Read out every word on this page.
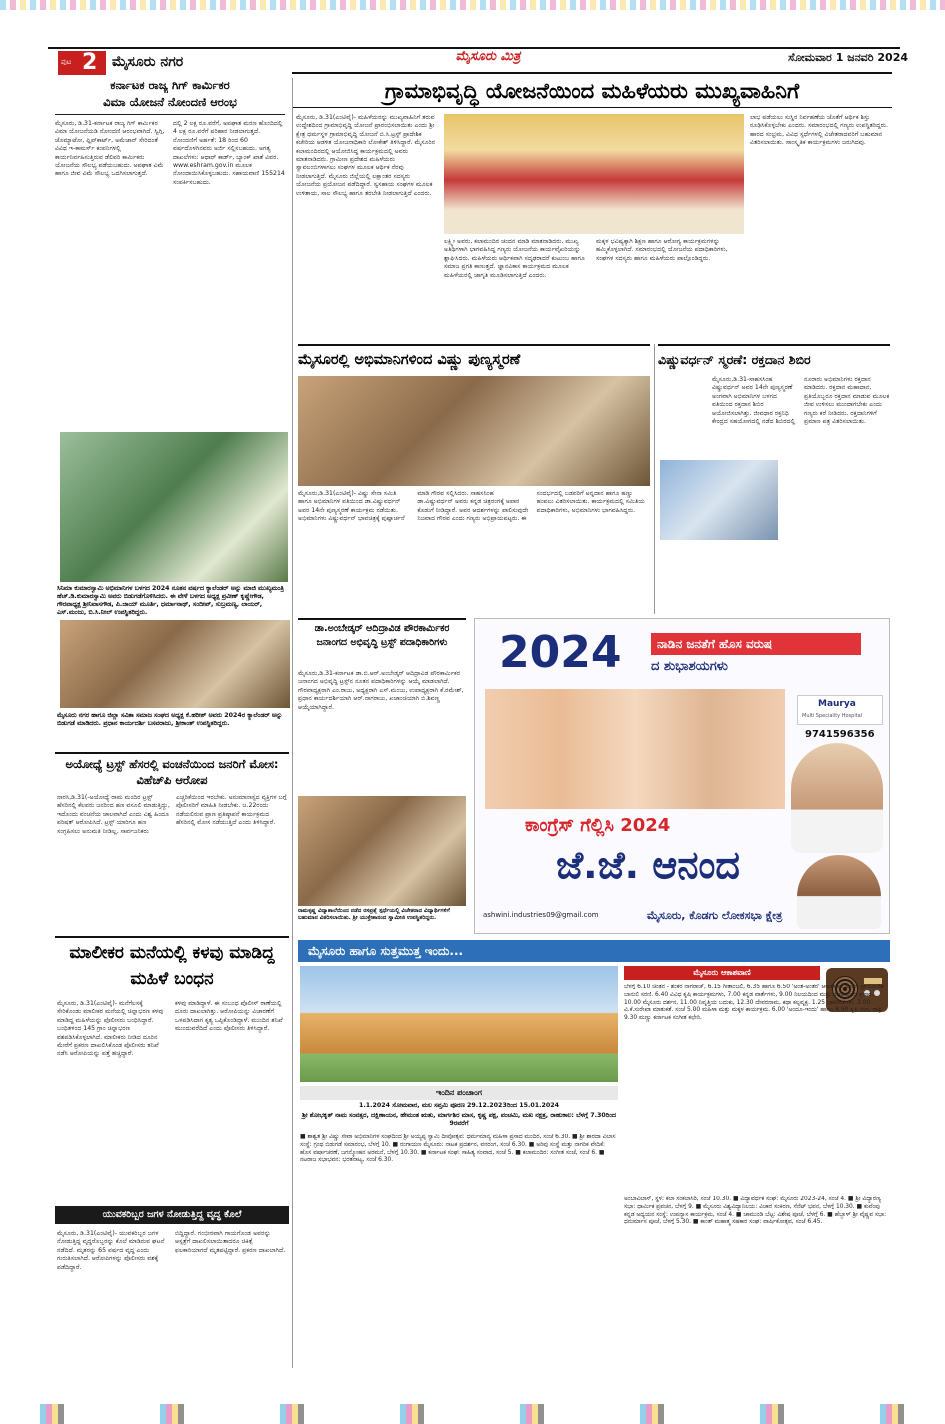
ಪುಟ 2 ಮೈಸೂರು ನಗರ	ಮೈಸೂರು ಮಿತ್ರ	ಸೋಮವಾರ 1 ಜನವರಿ 2024
ಕರ್ನಾಟಕ ರಾಜ್ಯ ಗಿಗ್ ಕಾರ್ಮಿಕರ
ವಿಮಾ ಯೋಜನೆ ನೋಂದಣಿ ಆರಂಭ
ಮೈಸೂರು, ಡಿ.31-ಕರ್ನಾಟಕ ರಾಜ್ಯ ಗಿಗ್ ಕಾರ್ಮಿಕರ ವಿಮಾ ಯೋಜನೆಯಡಿ ನೋಂದಣಿ ಆರಂಭವಾಗಿದೆ. ಸ್ವಿಗ್ಗಿ, ಜೊಮ್ಯಾಟೋ, ಫ್ಲಿಪ್‌ಕಾರ್ಟ್, ಅಮೆಜಾನ್ ಸೇರಿದಂತೆ ವಿವಿಧ ಇ-ಕಾಮರ್ಸ್ ಕಂಪನಿಗಳಲ್ಲಿ ಕಾರ್ಯನಿರ್ವಹಿಸುತ್ತಿರುವ ಡೆಲಿವರಿ ಕಾರ್ಮಿಕರು ಯೋಜನೆಯ ಸೌಲಭ್ಯ ಪಡೆಯಬಹುದು. ಅಪಘಾತ ವಿಮೆ ಹಾಗೂ ಜೀವ ವಿಮೆ ಸೌಲಭ್ಯ ಒದಗಿಸಲಾಗುತ್ತದೆ.
ದಲ್ಲಿ 2 ಲಕ್ಷ ರೂ.ವರೆಗೆ, ಅಪಘಾತ ಮರಣ ಹೊಂದಿದಲ್ಲಿ 4 ಲಕ್ಷ ರೂ.ವರೆಗೆ ಪರಿಹಾರ ನೀಡಲಾಗುತ್ತದೆ. ನೋಂದಣಿಗೆ ಅರ್ಹತೆ: 18 ರಿಂದ 60 ವರ್ಷದೊಳಗಿನವರು ಅರ್ಜಿ ಸಲ್ಲಿಸಬಹುದು. ಅಗತ್ಯ ದಾಖಲೆಗಳು: ಆಧಾರ್ ಕಾರ್ಡ್, ಬ್ಯಾಂಕ್ ಖಾತೆ ವಿವರ. www.eshram.gov.in ಮೂಲಕ ನೋಂದಾಯಿಸಿಕೊಳ್ಳಬಹುದು. ಸಹಾಯವಾಣಿ 155214 ಸಂಪರ್ಕಿಸಬಹುದು.
ಸಿನಿಮಾ ಕುಮಾರಸ್ವಾಮಿ ಅಭಿಮಾನಿಗಳ ಬಳಗದ 2024 ನೂತನ ವರ್ಷದ ಕ್ಯಾಲೆಂಡರ್ ಅನ್ನು ಮಾಜಿ ಮುಖ್ಯಮಂತ್ರಿ ಹೆಚ್.ಡಿ.ಕುಮಾರಸ್ವಾಮಿ ಅವರು ಬಿಡುಗಡೆಗೊಳಿಸಿದರು. ಈ ವೇಳೆ ಬಳಗದ ಅಧ್ಯಕ್ಷ ಪ್ರವೀಣ್ ಕೃಷ್ಣೇಗೌಡ, ಗೌರವಾಧ್ಯಕ್ಷ ಶ್ರೀನಿವಾಸಗೌಡ, ಪಿ.ಜಾಯ್ ಮೂರ್ತಿ, ಧರ್ಮಾನಾಥ್, ಸಂದೀಪ್, ಸುಬ್ರಮಣ್ಯ, ಲಾಯರ್, ಎಸ್.ಮಂಜು, ಬಿ.ಸಿ.ನೀಲ್ ಉಪಸ್ಥಿತರಿದ್ದರು.
ಗ್ರಾಮಾಭಿವೃದ್ಧಿ ಯೋಜನೆಯಿಂದ ಮಹಿಳೆಯರು ಮುಖ್ಯವಾಹಿನಿಗೆ
ಮೈಸೂರು, ಡಿ.31(ಎಂಟಿವೈ)- ಮಹಿಳೆಯರನ್ನು ಮುಖ್ಯವಾಹಿನಿಗೆ ತರುವ ಉದ್ದೇಶದಿಂದ ಗ್ರಾಮಾಭಿವೃದ್ಧಿ ಯೋಜನೆ ಪ್ರಾರಂಭಿಸಲಾಯಿತು ಎಂದು ಶ್ರೀ ಕ್ಷೇತ್ರ ಧರ್ಮಸ್ಥಳ ಗ್ರಾಮಾಭಿವೃದ್ಧಿ ಯೋಜನೆ ಬಿ.ಸಿ.ಟ್ರಸ್ಟ್ ಪ್ರಾದೇಶಿಕ ಕಚೇರಿಯ ಆಡಳಿತ ಯೋಜನಾಧಿಕಾರಿ ಲೋಕೇಶ್ ತಿಳಿಸಿದ್ದಾರೆ. ಮೈಸೂರಿನ ಕಲಾಮಂದಿರದಲ್ಲಿ ಆಯೋಜಿಸಿದ್ದ ಕಾರ್ಯಕ್ರಮದಲ್ಲಿ ಅವರು ಮಾತನಾಡಿದರು. ಗ್ರಾಮೀಣ ಪ್ರದೇಶದ ಮಹಿಳೆಯರು ಸ್ವಾವಲಂಬಿಗಳಾಗಲು ಸಂಘಗಳ ಮೂಲಕ ಆರ್ಥಿಕ ನೆರವು ನೀಡಲಾಗುತ್ತಿದೆ. ಮೈಸೂರು ಜಿಲ್ಲೆಯಲ್ಲಿ ಲಕ್ಷಾಂತರ ಸದಸ್ಯರು ಯೋಜನೆಯ ಪ್ರಯೋಜನ ಪಡೆದಿದ್ದಾರೆ. ಸ್ವಸಹಾಯ ಸಂಘಗಳ ಮೂಲಕ ಉಳಿತಾಯ, ಸಾಲ ಸೌಲಭ್ಯ ಹಾಗೂ ತರಬೇತಿ ನೀಡಲಾಗುತ್ತಿದೆ ಎಂದರು.
ಲಕ್ಷ್ಮೀ ಅವರು, ಕಲಾಮಂದಿರ ಚಂದನ ಮಾಡಿ ಮಾತನಾಡಿದರು. ಮುಖ್ಯ ಅತಿಥಿಗಳಾಗಿ ಭಾಗವಹಿಸಿದ್ದ ಗಣ್ಯರು ಯೋಜನೆಯ ಕಾರ್ಯವೈಖರಿಯನ್ನು ಶ್ಲಾಘಿಸಿದರು. ಮಹಿಳೆಯರು ಆರ್ಥಿಕವಾಗಿ ಸದೃಢರಾದರೆ ಕುಟುಂಬ ಹಾಗೂ ಸಮಾಜ ಪ್ರಗತಿ ಕಾಣುತ್ತದೆ. ಜ್ಞಾನವಿಕಾಸ ಕಾರ್ಯಕ್ರಮದ ಮೂಲಕ ಮಹಿಳೆಯರಲ್ಲಿ ಜಾಗೃತಿ ಮೂಡಿಸಲಾಗುತ್ತಿದೆ ಎಂದರು.
ಮಕ್ಕಳ ಭವಿಷ್ಯಕ್ಕಾಗಿ ಶಿಕ್ಷಣ ಹಾಗೂ ಆರೋಗ್ಯ ಕಾರ್ಯಕ್ರಮಗಳನ್ನು ಹಮ್ಮಿಕೊಳ್ಳಲಾಗಿದೆ. ಸಮಾರಂಭದಲ್ಲಿ ಯೋಜನೆಯ ಪದಾಧಿಕಾರಿಗಳು, ಸಂಘಗಳ ಸದಸ್ಯರು ಹಾಗೂ ಮಹಿಳೆಯರು ಪಾಲ್ಗೊಂಡಿದ್ದರು.
ಲಾಭ ಪಡೆಯಲು ಸುಸ್ಥಿರ ನಿರ್ವಹಣೆಯ ಜೊತೆಗೆ ಆರ್ಥಿಕ ಶಿಸ್ತು ರೂಢಿಸಿಕೊಳ್ಳಬೇಕು ಎಂದರು. ಸಮಾರಂಭದಲ್ಲಿ ಗಣ್ಯರು ಉಪಸ್ಥಿತರಿದ್ದರು. ಹಾರದ ಸಂಭ್ರಮ, ವಿವಿಧ ಸ್ಪರ್ಧೆಗಳಲ್ಲಿ ವಿಜೇತರಾದವರಿಗೆ ಬಹುಮಾನ ವಿತರಿಸಲಾಯಿತು. ಸಾಂಸ್ಕೃತಿಕ ಕಾರ್ಯಕ್ರಮಗಳು ಜರುಗಿದವು.
ಮೈಸೂರಲ್ಲಿ ಅಭಿಮಾನಿಗಳಿಂದ ವಿಷ್ಣು ಪುಣ್ಯಸ್ಮರಣೆ
ಮೈಸೂರು,ಡಿ.31(ಎಂಟಿವೈ)- ವಿಷ್ಣು ಸೇನಾ ಸಮಿತಿ ಹಾಗೂ ಅಭಿಮಾನಿಗಳ ವತಿಯಿಂದ ಡಾ.ವಿಷ್ಣುವರ್ಧನ್ ಅವರ 14ನೇ ಪುಣ್ಯಸ್ಮರಣೆ ಕಾರ್ಯಕ್ರಮ ನಡೆಯಿತು. ಅಭಿಮಾನಿಗಳು ವಿಷ್ಣುವರ್ಧನ್ ಭಾವಚಿತ್ರಕ್ಕೆ ಪುಷ್ಪಾರ್ಚನೆ ಮಾಡಿ ಗೌರವ ಸಲ್ಲಿಸಿದರು. ಸಾಹಸಸಿಂಹ ಡಾ.ವಿಷ್ಣುವರ್ಧನ್ ಅವರು ಕನ್ನಡ ಚಿತ್ರರಂಗಕ್ಕೆ ಅಪಾರ ಕೊಡುಗೆ ನೀಡಿದ್ದಾರೆ. ಅವರ ಆದರ್ಶಗಳನ್ನು ಪಾಲಿಸುವುದೇ ನಿಜವಾದ ಗೌರವ ಎಂದು ಗಣ್ಯರು ಅಭಿಪ್ರಾಯಪಟ್ಟರು. ಈ ಸಂದರ್ಭದಲ್ಲಿ ಬಡವರಿಗೆ ಅನ್ನದಾನ ಹಾಗೂ ಹಣ್ಣು ಹಂಪಲು ವಿತರಿಸಲಾಯಿತು. ಕಾರ್ಯಕ್ರಮದಲ್ಲಿ ಸಮಿತಿಯ ಪದಾಧಿಕಾರಿಗಳು, ಅಭಿಮಾನಿಗಳು ಭಾಗವಹಿಸಿದ್ದರು.
ವಿಷ್ಣುವರ್ಧನ್ ಸ್ಮರಣೆ: ರಕ್ತದಾನ ಶಿಬಿರ
ಮೈಸೂರು,ಡಿ.31-ಸಾಹಸಸಿಂಹ ವಿಷ್ಣುವರ್ಧನ್ ಅವರ 14ನೇ ಪುಣ್ಯಸ್ಮರಣೆ ಅಂಗವಾಗಿ ಅಭಿಮಾನಿಗಳ ಬಳಗದ ವತಿಯಿಂದ ರಕ್ತದಾನ ಶಿಬಿರ ಆಯೋಜಿಸಲಾಗಿತ್ತು. ಜೀವಧಾರ ರಕ್ತನಿಧಿ ಕೇಂದ್ರದ ಸಹಯೋಗದಲ್ಲಿ ನಡೆದ ಶಿಬಿರದಲ್ಲಿ ನೂರಾರು ಅಭಿಮಾನಿಗಳು ರಕ್ತದಾನ ಮಾಡಿದರು. ರಕ್ತದಾನ ಮಹಾದಾನ, ಪ್ರತಿಯೊಬ್ಬರೂ ರಕ್ತದಾನ ಮಾಡುವ ಮೂಲಕ ಜೀವ ಉಳಿಸಲು ಮುಂದಾಗಬೇಕು ಎಂದು ಗಣ್ಯರು ಕರೆ ನೀಡಿದರು. ರಕ್ತದಾನಿಗಳಿಗೆ ಪ್ರಮಾಣ ಪತ್ರ ವಿತರಿಸಲಾಯಿತು.
ಮೈಸೂರು ನಗರ ಹಾಗೂ ಜಿಲ್ಲಾ ಸವಿತಾ ಸಮಾಜ ಸಂಘದ ಅಧ್ಯಕ್ಷ ಕೆ.ಹರೀಶ್ ಅವರು 2024ರ ಕ್ಯಾಲೆಂಡರ್ ಅನ್ನು ಬಿಡುಗಡೆ ಮಾಡಿದರು. ಪ್ರಧಾನ ಕಾರ್ಯದರ್ಶಿ ಬಸವರಾಜು, ಶ್ರೀಕಾಂತ್ ಉಪಸ್ಥಿತರಿದ್ದರು.
ಅಯೋಧ್ಯೆ ಟ್ರಸ್ಟ್ ಹೆಸರಲ್ಲಿ ವಂಚನೆಯಿಂದ ಜನರಿಗೆ ಮೋಸ: ವಿಹೆಚ್‌ಪಿ ಆರೋಪ
ನಾರಸಿ,ಡಿ.31(-ಅಯೋಧ್ಯೆ ರಾಮ ಮಂದಿರ ಟ್ರಸ್ಟ್ ಹೆಸರಿನಲ್ಲಿ ಕೆಲವರು ಜನರಿಂದ ಹಣ ವಸೂಲಿ ಮಾಡುತ್ತಿದ್ದು, ಇದೊಂದು ವಂಚನೆಯ ಜಾಲವಾಗಿದೆ ಎಂದು ವಿಶ್ವ ಹಿಂದೂ ಪರಿಷತ್ ಆರೋಪಿಸಿದೆ. ಟ್ರಸ್ಟ್ ಯಾರಿಗೂ ಹಣ ಸಂಗ್ರಹಿಸಲು ಅನುಮತಿ ನೀಡಿಲ್ಲ. ಸಾರ್ವಜನಿಕರು ಎಚ್ಚರಿಕೆಯಿಂದ ಇರಬೇಕು. ಅನುಮಾನಾಸ್ಪದ ವ್ಯಕ್ತಿಗಳ ಬಗ್ಗೆ ಪೊಲೀಸರಿಗೆ ಮಾಹಿತಿ ನೀಡಬೇಕು. ಜ.22ರಂದು ನಡೆಯಲಿರುವ ಪ್ರಾಣ ಪ್ರತಿಷ್ಠಾಪನೆ ಕಾರ್ಯಕ್ರಮದ ಹೆಸರಿನಲ್ಲಿ ಮೋಸ ನಡೆಯುತ್ತಿದೆ ಎಂದು ತಿಳಿಸಿದ್ದಾರೆ.
ಡಾ.ಅಂಬೇಡ್ಕರ್ ಆದಿದ್ರಾವಿಡ ಪೌರಕಾರ್ಮಿಕರ ಜನಾಂಗದ ಅಭಿವೃದ್ಧಿ ಟ್ರಸ್ಟ್ ಪದಾಧಿಕಾರಿಗಳು
ಮೈಸೂರು,ಡಿ.31-ಕರ್ನಾಟಕ ಡಾ.ಬಿ.ಆರ್.ಅಂಬೇಡ್ಕರ್ ಆದಿದ್ರಾವಿಡ ಪೌರಕಾರ್ಮಿಕರ ಜನಾಂಗದ ಅಭಿವೃದ್ಧಿ ಟ್ರಸ್ಟ್‌ನ ನೂತನ ಪದಾಧಿಕಾರಿಗಳನ್ನು ಆಯ್ಕೆ ಮಾಡಲಾಗಿದೆ. ಗೌರವಾಧ್ಯಕ್ಷರಾಗಿ ಎಂ.ರಾಜು, ಅಧ್ಯಕ್ಷರಾಗಿ ಎಸ್.ಮಂಜು, ಉಪಾಧ್ಯಕ್ಷರಾಗಿ ಕೆ.ರಮೇಶ್, ಪ್ರಧಾನ ಕಾರ್ಯದರ್ಶಿಯಾಗಿ ಆರ್.ನಾಗರಾಜು, ಖಜಾಂಚಿಯಾಗಿ ಬಿ.ಶಿವಣ್ಣ ಆಯ್ಕೆಯಾಗಿದ್ದಾರೆ.
ರಾಮಕೃಷ್ಣ ವಿದ್ಯಾಶಾಲೆಯಿಂದ ನಡೆದ ರಸಪ್ರಶ್ನೆ ಸ್ಪರ್ಧೆಯಲ್ಲಿ ವಿಜೇತರಾದ ವಿದ್ಯಾರ್ಥಿಗಳಿಗೆ ಬಹುಮಾನ ವಿತರಿಸಲಾಯಿತು. ಶ್ರೀ ಯುಕ್ತೇಶಾನಂದ ಸ್ವಾಮೀಜಿ ಉಪಸ್ಥಿತರಿದ್ದರು.
2024	ನಾಡಿನ ಜನತೆಗೆ ಹೊಸ ವರುಷ
ದ ಶುಭಾಶಯಗಳು
Maurya
Multi Speciality Hospital
9741596356
ಕಾಂಗ್ರೆಸ್ ಗೆಲ್ಲಿಸಿ 2024
ಜೆ.ಜೆ. ಆನಂದ
ashwini.industries09@gmail.com	ಮೈಸೂರು, ಕೊಡಗು ಲೋಕಸಭಾ ಕ್ಷೇತ್ರ
ಮಾಲೀಕರ ಮನೆಯಲ್ಲಿ ಕಳವು ಮಾಡಿದ್ದ ಮಹಿಳೆ ಬಂಧನ
ಮೈಸೂರು, ಡಿ.31(ಎಂಟಿವೈ)- ಮನೆಗೆಲಸಕ್ಕೆ ಸೇರಿಕೊಂಡು ಮಾಲೀಕರ ಮನೆಯಲ್ಲಿ ಚಿನ್ನಾಭರಣ ಕಳವು ಮಾಡಿದ್ದ ಮಹಿಳೆಯನ್ನು ಪೊಲೀಸರು ಬಂಧಿಸಿದ್ದಾರೆ. ಬಂಧಿತಳಿಂದ 145 ಗ್ರಾಂ ಚಿನ್ನಾಭರಣ ವಶಪಡಿಸಿಕೊಳ್ಳಲಾಗಿದೆ. ಮಾಲೀಕರು ನೀಡಿದ ದೂರಿನ ಮೇರೆಗೆ ಪ್ರಕರಣ ದಾಖಲಿಸಿಕೊಂಡ ಪೊಲೀಸರು ತನಿಖೆ ನಡೆಸಿ ಆರೋಪಿಯನ್ನು ಪತ್ತೆ ಹಚ್ಚಿದ್ದಾರೆ.
ಕಳವು ಮಾಡಿದ್ದಾಳೆ. ಈ ಸಂಬಂಧ ಪೊಲೀಸ್ ಠಾಣೆಯಲ್ಲಿ ದೂರು ದಾಖಲಾಗಿತ್ತು. ಆರೋಪಿಯನ್ನು ವಿಚಾರಣೆಗೆ ಒಳಪಡಿಸಿದಾಗ ಕೃತ್ಯ ಒಪ್ಪಿಕೊಂಡಿದ್ದಾಳೆ. ಮುಂದಿನ ತನಿಖೆ ಮುಂದುವರೆದಿದೆ ಎಂದು ಪೊಲೀಸರು ತಿಳಿಸಿದ್ದಾರೆ.
ಯುವಕರಿಬ್ಬರ ಜಗಳ ನೋಡುತ್ತಿದ್ದ ವೃದ್ಧ ಕೊಲೆ
ಮೈಸೂರು, ಡಿ.31(ಎಂಟಿವೈ)- ಯುವಕರಿಬ್ಬರ ಜಗಳ ನೋಡುತ್ತಿದ್ದ ವೃದ್ಧರೊಬ್ಬರನ್ನು ಕೊಲೆ ಮಾಡಿರುವ ಘಟನೆ ನಡೆದಿದೆ. ಮೃತರನ್ನು 65 ವರ್ಷದ ವೃದ್ಧ ಎಂದು ಗುರುತಿಸಲಾಗಿದೆ. ಆರೋಪಿಗಳನ್ನು ಪೊಲೀಸರು ವಶಕ್ಕೆ ಪಡೆದಿದ್ದಾರೆ.
ಬಿದ್ದಿದ್ದಾರೆ. ಗಂಭೀರವಾಗಿ ಗಾಯಗೊಂಡ ಅವರನ್ನು ಆಸ್ಪತ್ರೆಗೆ ದಾಖಲಿಸಲಾಯಿತಾದರೂ ಚಿಕಿತ್ಸೆ ಫಲಕಾರಿಯಾಗದೆ ಮೃತಪಟ್ಟಿದ್ದಾರೆ. ಪ್ರಕರಣ ದಾಖಲಾಗಿದೆ.
ಮೈಸೂರು ಹಾಗೂ ಸುತ್ತಮುತ್ತ ಇಂದು...
ಇಂದಿನ ಪಂಚಾಂಗ
1.1.2024 ಸೋಮವಾರ, ಮಲ ಸಪ್ತಮಿ ಪೂರಣ 29.12.2023ರಿಂದ 15.01.2024
ಶ್ರೀ ಶೋಭಕೃತ್ ನಾಮ ಸಂವತ್ಸರ, ದಕ್ಷಿಣಾಯನ, ಹೇಮಂತ ಋತು, ಮಾರ್ಗಶಿರ ಮಾಸ, ಕೃಷ್ಣ ಪಕ್ಷ, ಪಂಚಮಿ, ಮಖ ನಕ್ಷತ್ರ, ರಾಹುಕಾಲ: ಬೆಳಗ್ಗೆ 7.30ರಿಂದ 9ರವರೆಗೆ
ಮೈಸೂರು ಆಕಾಶವಾಣಿ
ಬೆಳಗ್ಗೆ 6.10 ಚಿಂತನ - ಶಂಕರ ನಾಗರಾಜ್, 6.15 ಗೀತಾಂಜಲಿ, 6.35 ಹಾಗೂ 6.50 'ಅಂತ-ಅಂತರ' ಆಕಾಶವಾಣಿ ಅಂಕಣ ಪ್ರಾಯೋಜಿತ ಬಾನುಲಿ ಸರಣಿ. 6.40 ವಿವಿಧ ಕೃಷಿ ಕಾರ್ಯಕ್ರಮಗಳು, 7.00 ಕನ್ನಡ ವಾರ್ತೆಗಳು, 9.00 ನಿಲಯದಿಂದ ಮತ್ತು ದೆಹಲಿಯಿಂದ ಪ್ರಸಾರ. 10.00 ಮೈಸೂರು ದರ್ಶನ, 11.00 ನಿವೃತ್ತಿಯ ಬದುಕು, 12.30 ದೇವರನಾಮ, ಕಥಾ ಕಲ್ಪವೃಕ್ಷ. 1.25 ಭಾವಗೀತೆಗಳು. 3.00 ವಿ.ಕೆ.ಸುರೇಖಾ ಮಾತುಕತೆ. ಸಂಜೆ 5.00 ಮಹಿಳಾ ಮತ್ತು ಮಕ್ಕಳ ಕಾರ್ಯಕ್ರಮ. 6.00 'ಅಂದೂ-ಇಂದು' ಹಾಗೂ 6.50 ಕೃಷಿ ರಂಗ. ರಾತ್ರಿ 9.30 ಮಣ್ಣು ಕರ್ನಾಟಕ ಸಂಗೀತ ಕಛೇರಿ.
■ ಶಾಶ್ವತ ಶ್ರೀ ವಿಷ್ಣು ಸೇವಾ ಅಭಿಮಾನಿಗಳ ಸಂಘದಿಂದ ಶ್ರೀ ಅಯ್ಯಪ್ಪ ಸ್ವಾಮಿ ದೀಪೋತ್ಸವ: ಧರ್ಮಮಾನ್ಯ ಮಹಿಳಾ ಪ್ರಸಾದ ಮಂದಿರ, ಸಂಜೆ 6.30. ■ ಶ್ರೀ ಶಾರದಾ ವಿಲಾಸ ಸಂಸ್ಥೆ: ಗ್ರಂಥ ಬಿಡುಗಡೆ ಸಮಾರಂಭ, ಬೆಳಗ್ಗೆ 10. ■ ರಂಗಾಯಣ ಮೈಸೂರು: ನಾಟಕ ಪ್ರದರ್ಶನ, ವನರಂಗ, ಸಂಜೆ 6.30. ■ ಅರಿವು ಸಂಸ್ಥೆ ಮತ್ತು ನಾಗರಿಕ ವೇದಿಕೆ: ಹೊಸ ವರ್ಷಾಚರಣೆ, ಜಗನ್ಮೋಹನ ಅರಮನೆ, ಬೆಳಗ್ಗೆ 10.30. ■ ಕರ್ನಾಟಕ ಸಂಘ: ಸಾಹಿತ್ಯ ಸಂವಾದ, ಸಂಜೆ 5. ■ ಕಲಾಮಂದಿರ: ಸಂಗೀತ ಸಂಜೆ, ಸಂಜೆ 6. ■ ನಟರಾಜ ಸಭಾಭವನ: ಭರತನಾಟ್ಯ, ಸಂಜೆ 6.30.
ಅಂಬಾವಿಲಾಸ್, ಸ್ಥಳ: ಕಲಾ ಸಂಕಲಾಸಿರಿ, ಸಂಜೆ 10.30. ■ ವಿದ್ಯಾವರ್ಧಕ ಸಂಘ: ಮೈಸೂರು 2023-24, ಸಂಜೆ 4. ■ ಶ್ರೀ ವಿದ್ಯಾರಣ್ಯ ಸಭಾ: ಧಾರ್ಮಿಕ ಪ್ರವಚನ, ಬೆಳಗ್ಗೆ 9. ■ ಮೈಸೂರು ವಿಶ್ವವಿದ್ಯಾನಿಲಯ: ವಿಚಾರ ಸಂಕಿರಣ, ಸೆನೆಟ್ ಭವನ, ಬೆಳಗ್ಗೆ 10.30. ■ ಕುವೆಂಪು ಕನ್ನಡ ಅಧ್ಯಯನ ಸಂಸ್ಥೆ: ಉಪನ್ಯಾಸ ಕಾರ್ಯಕ್ರಮ, ಸಂಜೆ 4. ■ ಚಾಮುಂಡಿ ಬೆಟ್ಟ: ವಿಶೇಷ ಪೂಜೆ, ಬೆಳಗ್ಗೆ 6. ■ ಹೆಬ್ಬಾಳ್ ಶ್ರೀ ವೈಷ್ಣವ ಸಭಾ: ಧನುರ್ಮಾಸ ಪೂಜೆ, ಬೆಳಗ್ಗೆ 5.30. ■ ಕಾಂತ್ ಮಹಾತ್ಮ ಸಹಕಾರ ಸಂಘ: ವಾರ್ಷಿಕೋತ್ಸವ, ಸಂಜೆ 6.45.
